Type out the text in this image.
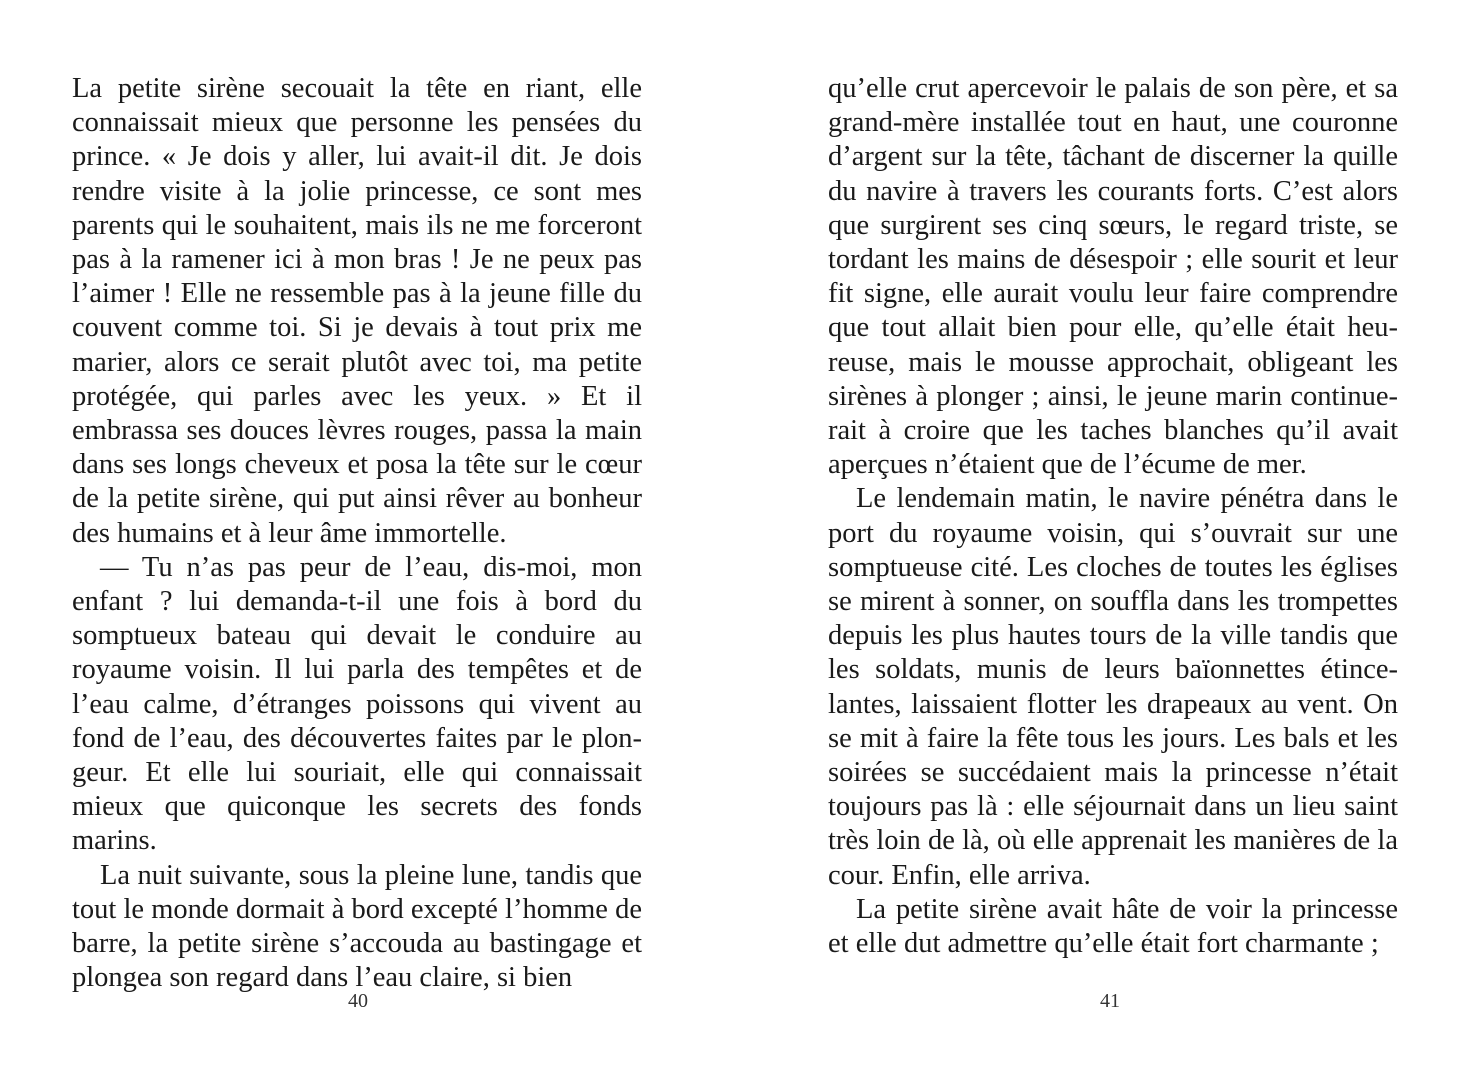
La petite sirène secouait la tête en riant, elle connaissait mieux que personne les pensées du prince. « Je dois y aller, lui avait-il dit. Je dois rendre visite à la jolie princesse, ce sont mes parents qui le souhaitent, mais ils ne me forceront pas à la ramener ici à mon bras ! Je ne peux pas l’aimer ! Elle ne ressemble pas à la jeune fille du couvent comme toi. Si je devais à tout prix me marier, alors ce serait plutôt avec toi, ma petite protégée, qui parles avec les yeux. » Et il embrassa ses douces lèvres rouges, passa la main dans ses longs cheveux et posa la tête sur le cœur de la petite sirène, qui put ainsi rêver au bonheur des humains et à leur âme immortelle.

— Tu n’as pas peur de l’eau, dis-moi, mon enfant ? lui demanda-t-il une fois à bord du somptueux bateau qui devait le conduire au royaume voisin. Il lui parla des tempêtes et de l’eau calme, d’étranges poissons qui vivent au fond de l’eau, des découvertes faites par le plongeur. Et elle lui souriait, elle qui connaissait mieux que quiconque les secrets des fonds marins.

La nuit suivante, sous la pleine lune, tandis que tout le monde dormait à bord excepté l’homme de barre, la petite sirène s’accouda au bastingage et plongea son regard dans l’eau claire, si bien

40

qu’elle crut apercevoir le palais de son père, et sa grand-mère installée tout en haut, une couronne d’argent sur la tête, tâchant de discerner la quille du navire à travers les courants forts. C’est alors que surgirent ses cinq sœurs, le regard triste, se tordant les mains de désespoir ; elle sourit et leur fit signe, elle aurait voulu leur faire comprendre que tout allait bien pour elle, qu’elle était heureuse, mais le mousse approchait, obligeant les sirènes à plonger ; ainsi, le jeune marin continuerait à croire que les taches blanches qu’il avait aperçues n’étaient que de l’écume de mer.

Le lendemain matin, le navire pénétra dans le port du royaume voisin, qui s’ouvrait sur une somptueuse cité. Les cloches de toutes les églises se mirent à sonner, on souffla dans les trompettes depuis les plus hautes tours de la ville tandis que les soldats, munis de leurs baïonnettes étincelantes, laissaient flotter les drapeaux au vent. On se mit à faire la fête tous les jours. Les bals et les soirées se succédaient mais la princesse n’était toujours pas là : elle séjournait dans un lieu saint très loin de là, où elle apprenait les manières de la cour. Enfin, elle arriva.

La petite sirène avait hâte de voir la princesse et elle dut admettre qu’elle était fort charmante ;

41
